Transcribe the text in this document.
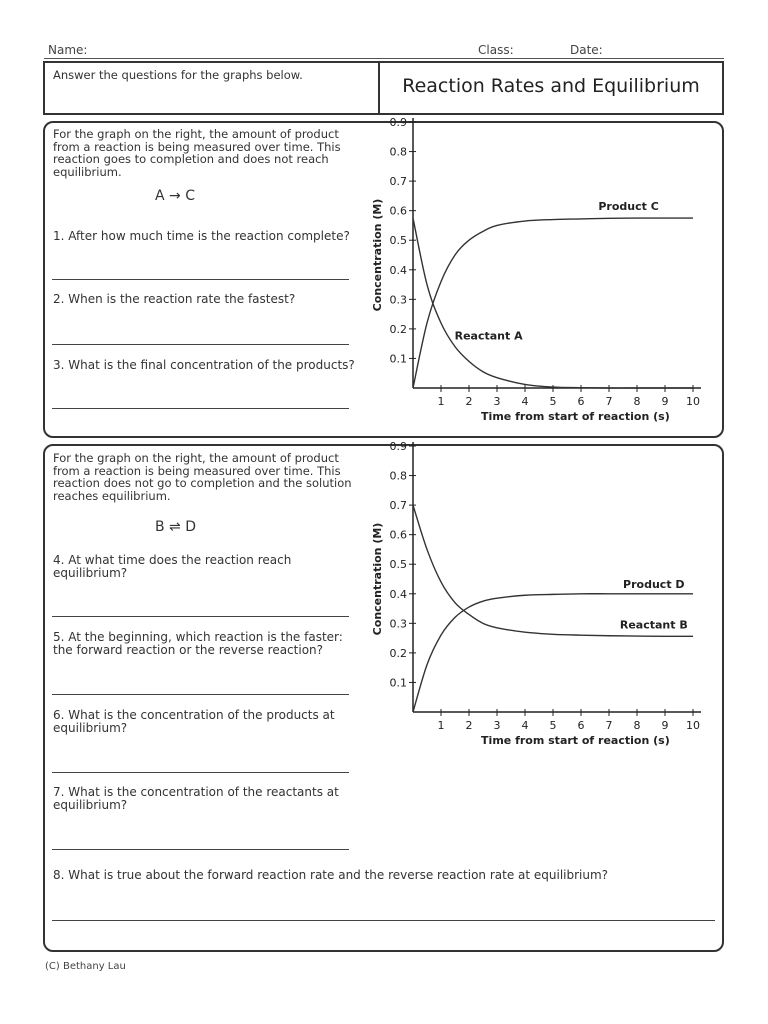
Name:	Class:	Date:
Answer the questions for the graphs below.	Reaction Rates and Equilibrium
For the graph on the right, the amount of product from a reaction is being measured over time. This reaction goes to completion and does not reach equilibrium.
A → C
1. After how much time is the reaction complete?
2. When is the reaction rate the fastest?
3. What is the final concentration of the products?	0.1
0.2
0.3
0.4
0.5
0.6
0.7
0.8
0.9
1 2 3 4 5 6 7 8 9 10
Time from start of reaction (s)
Concentration (M)	Product C
Reactant A
For the graph on the right, the amount of product from a reaction is being measured over time. This reaction does not go to completion and the solution reaches equilibrium.
B ⇌ D
4. At what time does the reaction reach equilibrium?
5. At the beginning, which reaction is the faster: the forward reaction or the reverse reaction?
6. What is the concentration of the products at equilibrium?
7. What is the concentration of the reactants at equilibrium?
8. What is true about the forward reaction rate and the reverse reaction rate at equilibrium?
0.1
0.2
0.3
0.4
0.5
0.6
0.7
0.8
0.9
1 2 3 4 5 6 7 8 9 10
Time from start of reaction (s)
Concentration (M)	Product D
Reactant B
(C) Bethany Lau
